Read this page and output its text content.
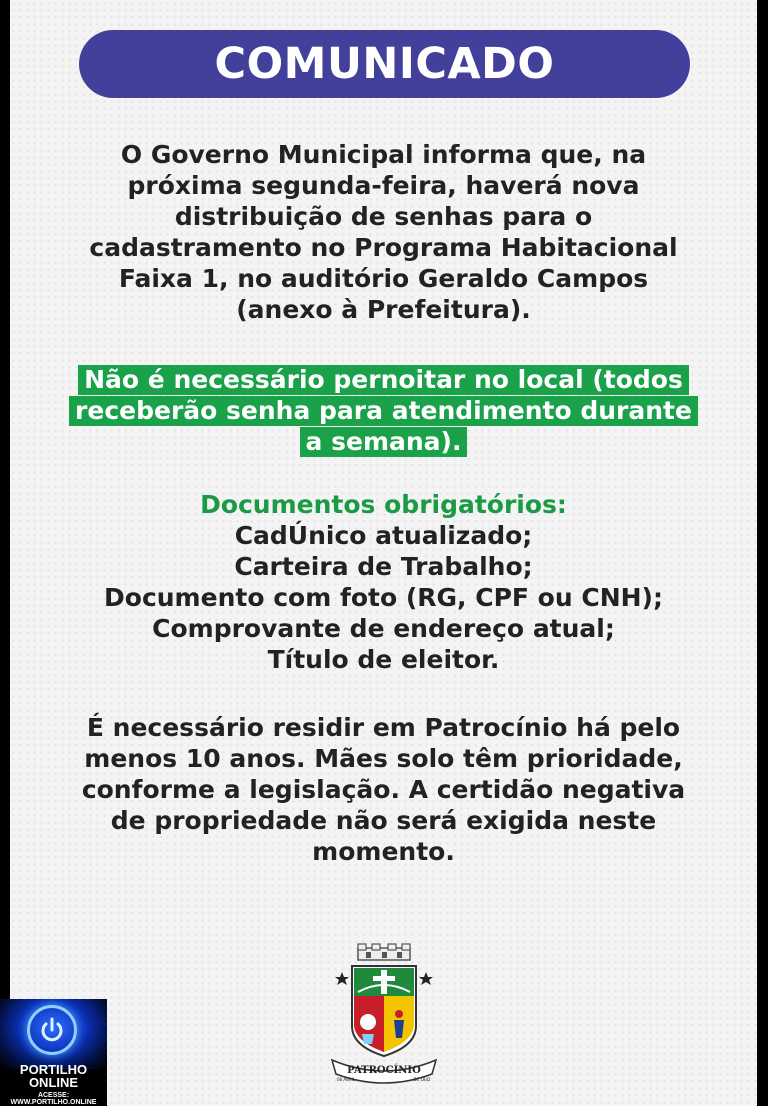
COMUNICADO
O Governo Municipal informa que, na
próxima segunda-feira, haverá nova
distribuição de senhas para o
cadastramento no Programa Habitacional
Faixa 1, no auditório Geraldo Campos
(anexo à Prefeitura).
Não é necessário pernoitar no local (todos
receberão senha para atendimento durante
a semana).
Documentos obrigatórios:
CadÚnico atualizado;
Carteira de Trabalho;
Documento com foto (RG, CPF ou CNH);
Comprovante de endereço atual;
Título de eleitor.
É necessário residir em Patrocínio há pelo
menos 10 anos. Mães solo têm prioridade,
conforme a legislação. A certidão negativa
de propriedade não será exigida neste
momento.
PATROCÍNIO
08 ABRIL	DE 1842
PORTILHO
ONLINE
ACESSE: WWW.PORTILHO.ONLINE
